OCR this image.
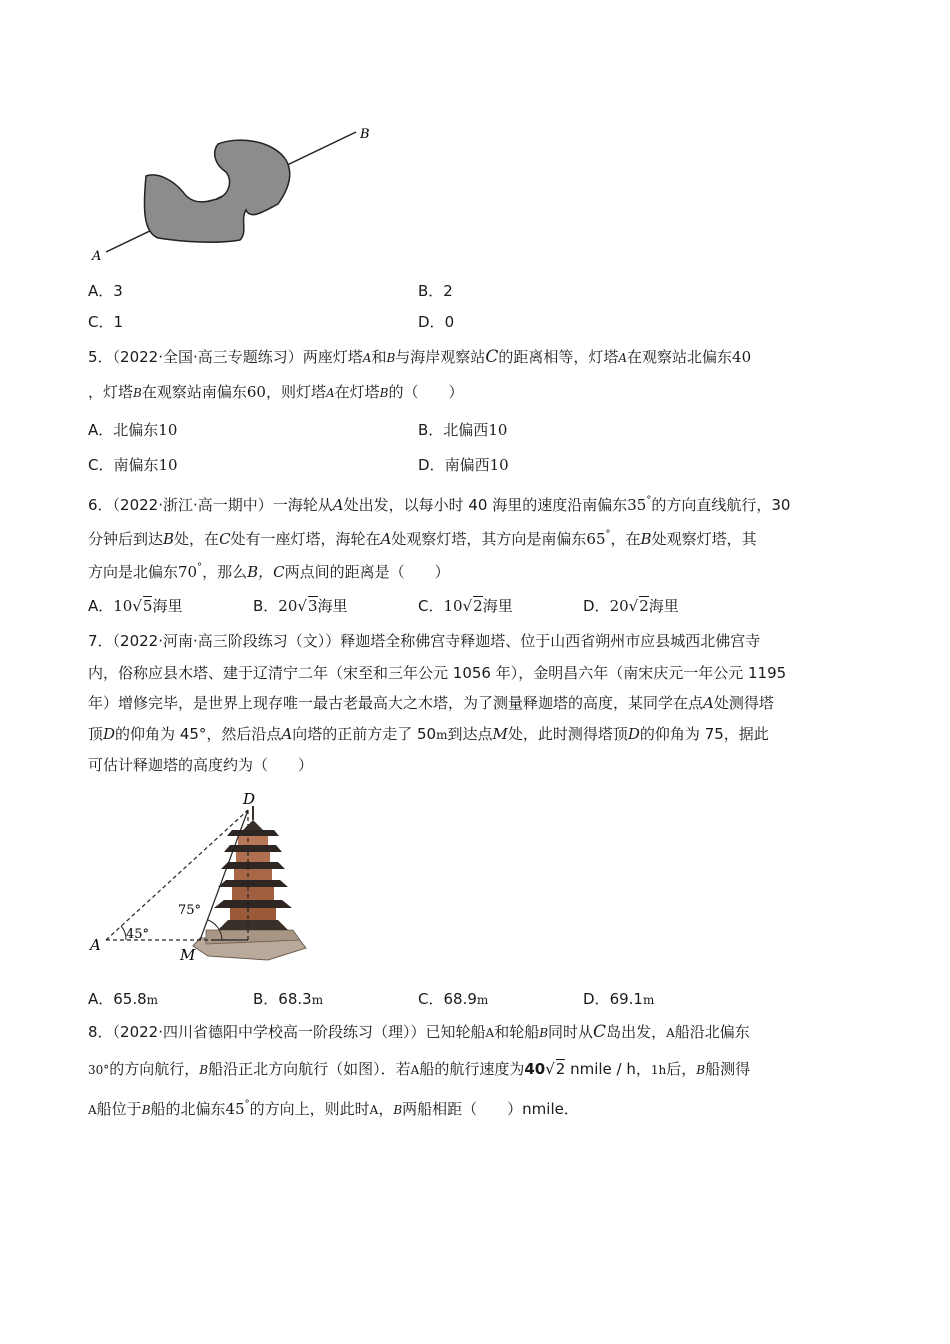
A
B
A．3	B．2
C．1	D．0
5．（2022·全国·高三专题练习）两座灯塔A和B与海岸观察站C的距离相等，灯塔A在观察站北偏东40
，灯塔B在观察站南偏东60，则灯塔A在灯塔B的（　　）
A．北偏东10	B．北偏西10
C．南偏东10	D．南偏西10
6．（2022·浙江·高一期中）一海轮从A处出发，以每小时 40 海里的速度沿南偏东35°的方向直线航行，30
分钟后到达B处，在C处有一座灯塔，海轮在A处观察灯塔，其方向是南偏东65°，在B处观察灯塔，其
方向是北偏东70°，那么B，C两点间的距离是（　　）
A．10√5海里	B．20√3海里	C．10√2海里	D．20√2海里
7．（2022·河南·高三阶段练习（文））释迦塔全称佛宫寺释迦塔、位于山西省朔州市应县城西北佛宫寺
内，俗称应县木塔、建于辽清宁二年（宋至和三年公元 1056 年），金明昌六年（南宋庆元一年公元 1195
年）增修完毕，是世界上现存唯一最古老最高大之木塔，为了测量释迦塔的高度，某同学在点A处测得塔
顶D的仰角为 45°，然后沿点A向塔的正前方走了 50m到达点M处，此时测得塔顶D的仰角为 75，据此
可估计释迦塔的高度约为（　　）
D
A
M
45°
75°
A．65.8m	B．68.3m	C．68.9m	D．69.1m
8．（2022·四川省德阳中学校高一阶段练习（理））已知轮船A和轮船B同时从C岛出发，A船沿北偏东
30°的方向航行，B船沿正北方向航行（如图）．若A船的航行速度为40√2 nmile / h，1h后，B船测得
A船位于B船的北偏东45°的方向上，则此时A，B两船相距（　　）nmile．
